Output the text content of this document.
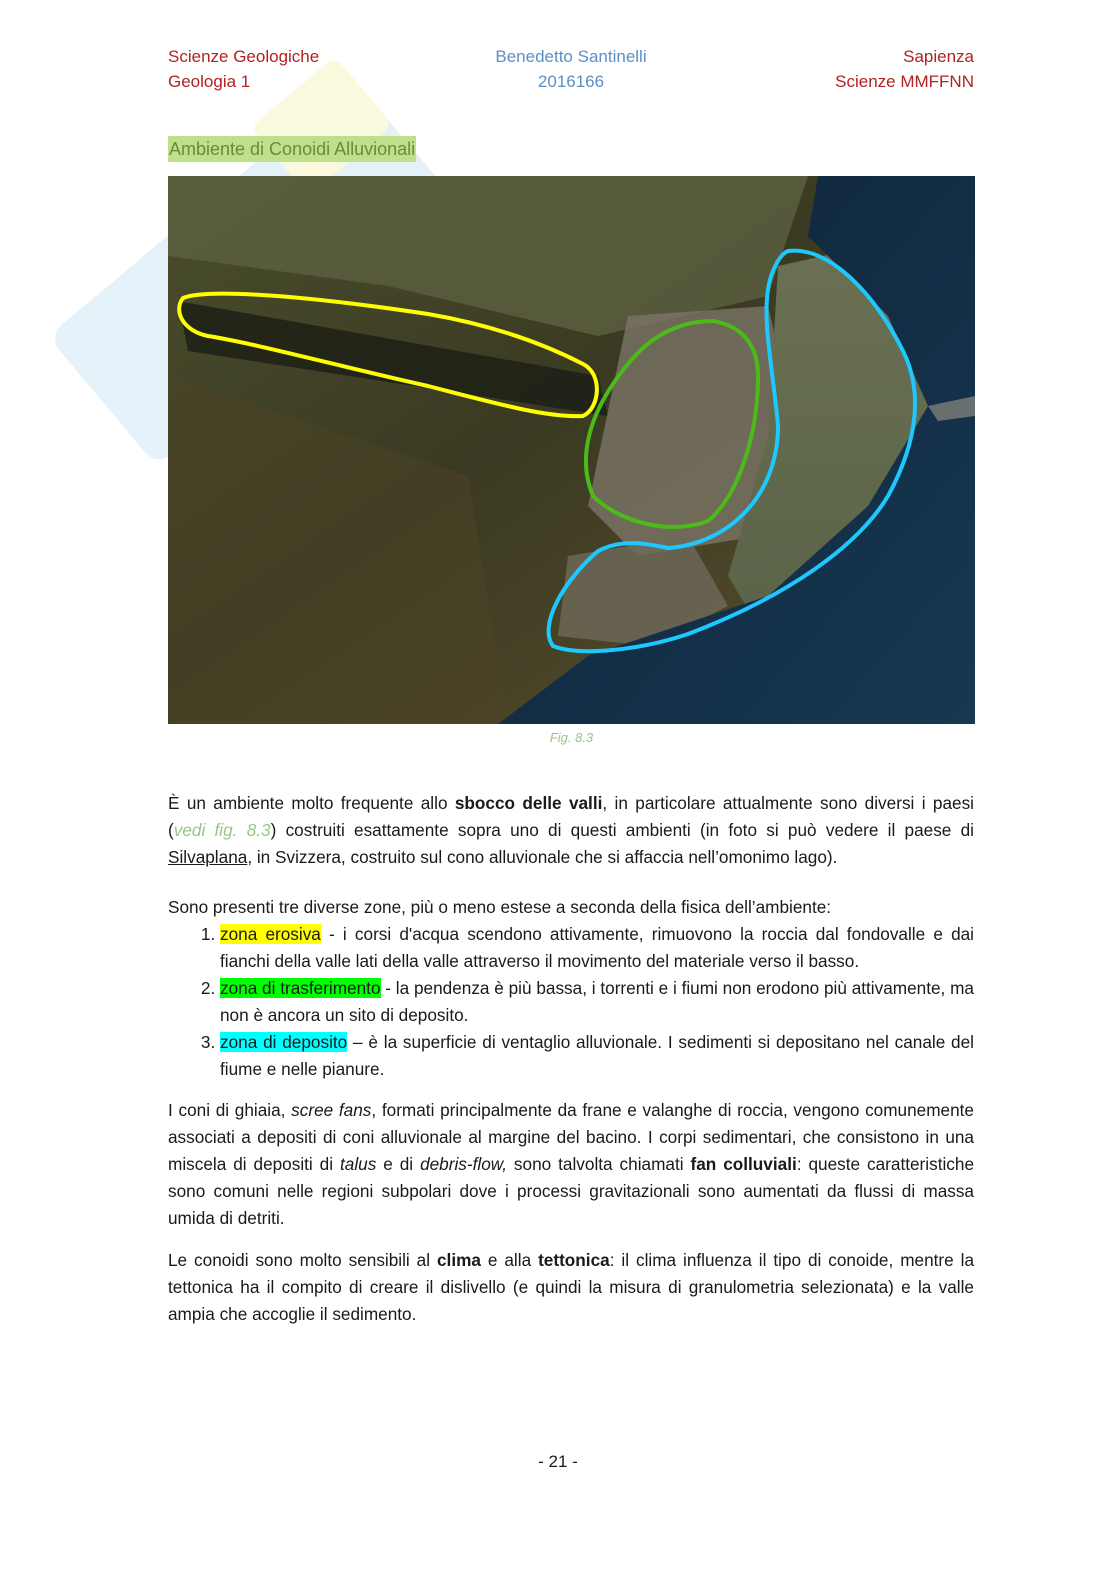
Scienze Geologiche
Geologia 1
Benedetto Santinelli
2016166
Sapienza
Scienze MMFFNN
Ambiente di Conoidi Alluvionali
Fig. 8.3

È un ambiente molto frequente allo sbocco delle valli, in particolare attualmente sono diversi i paesi (vedi fig. 8.3) costruiti esattamente sopra uno di questi ambienti (in foto si può vedere il paese di Silvaplana, in Svizzera, costruito sul cono alluvionale che si affaccia nell’omonimo lago).

Sono presenti tre diverse zone, più o meno estese a seconda della fisica dell’ambiente:

1. zona erosiva - i corsi d'acqua scendono attivamente, rimuovono la roccia dal fondovalle e dai fianchi della valle lati della valle attraverso il movimento del materiale verso il basso.
2. zona di trasferimento - la pendenza è più bassa, i torrenti e i fiumi non erodono più attivamente, ma non è ancora un sito di deposito.
3. zona di deposito – è la superficie di ventaglio alluvionale. I sedimenti si depositano nel canale del fiume e nelle pianure.

I coni di ghiaia, scree fans, formati principalmente da frane e valanghe di roccia, vengono comunemente associati a depositi di coni alluvionale al margine del bacino. I corpi sedimentari, che consistono in una miscela di depositi di talus e di debris-flow, sono talvolta chiamati fan colluviali: queste caratteristiche sono comuni nelle regioni subpolari dove i processi gravitazionali sono aumentati da flussi di massa umida di detriti.

Le conoidi sono molto sensibili al clima e alla tettonica: il clima influenza il tipo di conoide, mentre la tettonica ha il compito di creare il dislivello (e quindi la misura di granulometria selezionata) e la valle ampia che accoglie il sedimento.

- 21 -
